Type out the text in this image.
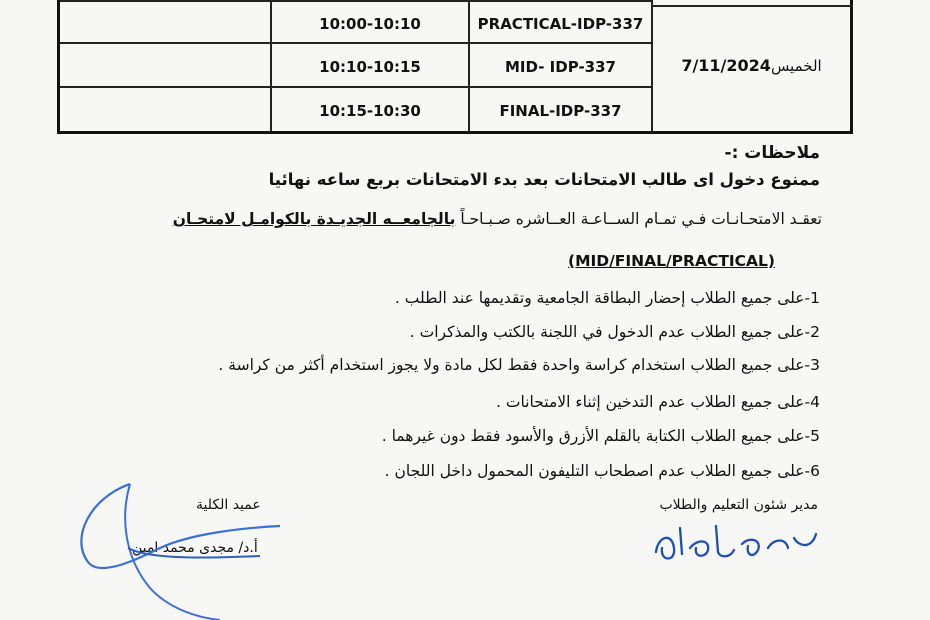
10:00-10:10	PRACTICAL-IDP-337
10:10-10:15	MID- IDP-337
10:15-10:30	FINAL-IDP-337
7/11/2024 الخميس
ملاحظات :-
ممنوع دخول اى طالب الامتحانات بعد بدء الامتحانات بربع ساعه نهائيا
تعقـد الامتحـانـات فـي تمـام الســاعـة العــاشره صـبـاحـاً بالجامعــه الجديـدة بالكوامـل لامتحـان
(MID/FINAL/PRACTICAL)
1-على جميع الطلاب إحضار البطاقة الجامعية وتقديمها عند الطلب .
2-على جميع الطلاب عدم الدخول في اللجنة بالكتب والمذكرات .
3-على جميع الطلاب استخدام كراسة واحدة فقط لكل مادة ولا يجوز استخدام أكثر من كراسة .
4-على جميع الطلاب عدم التدخين إثناء الامتحانات .
5-على جميع الطلاب الكتابة بالقلم الأزرق والأسود فقط دون غيرهما .
6-على جميع الطلاب عدم اصطحاب التليفون المحمول داخل اللجان .
مدير شئون التعليم والطلاب
عميد الكلية
أ.د/ مجدى محمد امين
